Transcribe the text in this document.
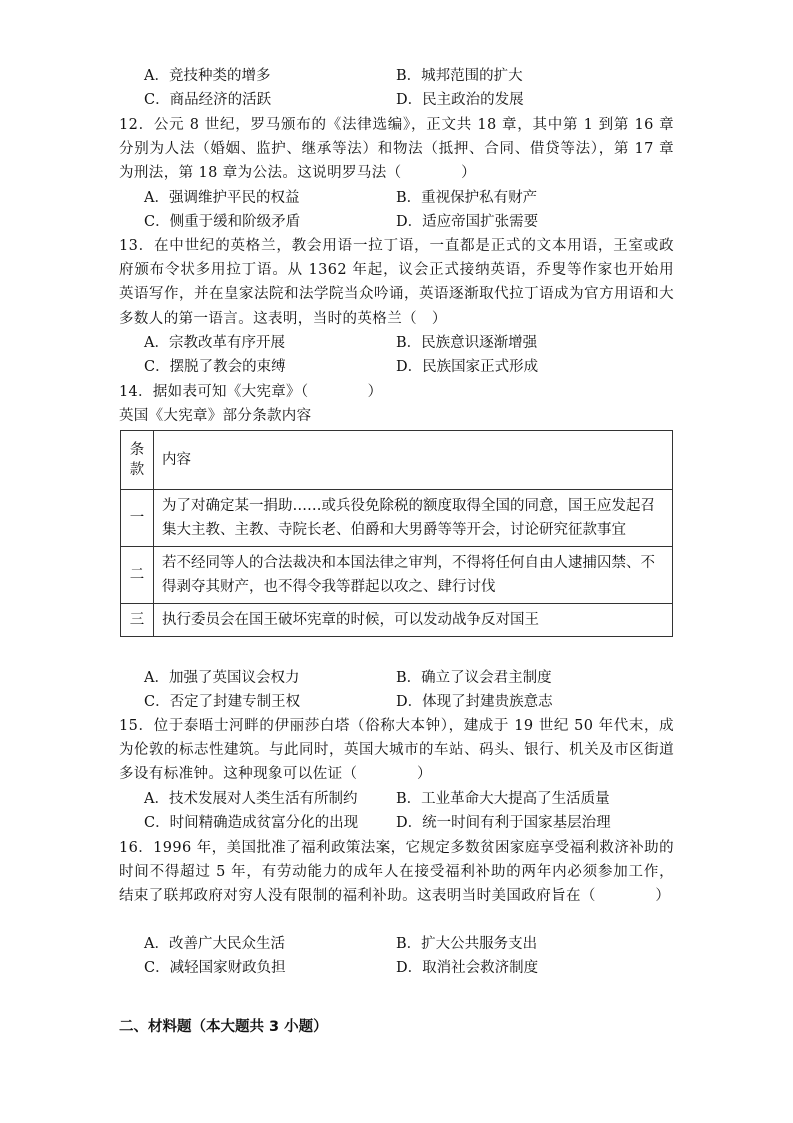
A．竞技种类的增多	B．城邦范围的扩大
C．商品经济的活跃	D．民主政治的发展
12．公元 8 世纪，罗马颁布的《法律选编》，正文共 18 章，其中第 1 到第 16 章分别为人法（婚姻、监护、继承等法）和物法（抵押、合同、借贷等法），第 17 章为刑法，第 18 章为公法。这说明罗马法（　　　　）
A．强调维护平民的权益	B．重视保护私有财产
C．侧重于缓和阶级矛盾	D．适应帝国扩张需要
13．在中世纪的英格兰，教会用语一拉丁语，一直都是正式的文本用语，王室或政府颁布令状多用拉丁语。从 1362 年起，议会正式接纳英语，乔叟等作家也开始用英语写作，并在皇家法院和法学院当众吟诵，英语逐渐取代拉丁语成为官方用语和大多数人的第一语言。这表明，当时的英格兰（　）
A．宗教改革有序开展	B．民族意识逐渐增强
C．摆脱了教会的束缚	D．民族国家正式形成
14．据如表可知《大宪章》（　　　　）
英国《大宪章》部分条款内容
条款	内容
一	为了对确定某一捐助……或兵役免除税的额度取得全国的同意，国王应发起召集大主教、主教、寺院长老、伯爵和大男爵等等开会，讨论研究征款事宜
二	若不经同等人的合法裁决和本国法律之审判，不得将任何自由人逮捕囚禁、不得剥夺其财产，也不得令我等群起以攻之、肆行讨伐
三	执行委员会在国王破坏宪章的时候，可以发动战争反对国王
A．加强了英国议会权力	B．确立了议会君主制度
C．否定了封建专制王权	D．体现了封建贵族意志
15．位于泰晤士河畔的伊丽莎白塔（俗称大本钟），建成于 19 世纪 50 年代末，成为伦敦的标志性建筑。与此同时，英国大城市的车站、码头、银行、机关及市区街道多设有标准钟。这种现象可以佐证（　　　　）
A．技术发展对人类生活有所制约	B．工业革命大大提高了生活质量
C．时间精确造成贫富分化的出现	D．统一时间有利于国家基层治理
16．1996 年，美国批准了福利政策法案，它规定多数贫困家庭享受福利救济补助的时间不得超过 5 年，有劳动能力的成年人在接受福利补助的两年内必须参加工作，结束了联邦政府对穷人没有限制的福利补助。这表明当时美国政府旨在（　　　　）
A．改善广大民众生活	B．扩大公共服务支出
C．减轻国家财政负担	D．取消社会救济制度
二、材料题（本大题共 3 小题）
